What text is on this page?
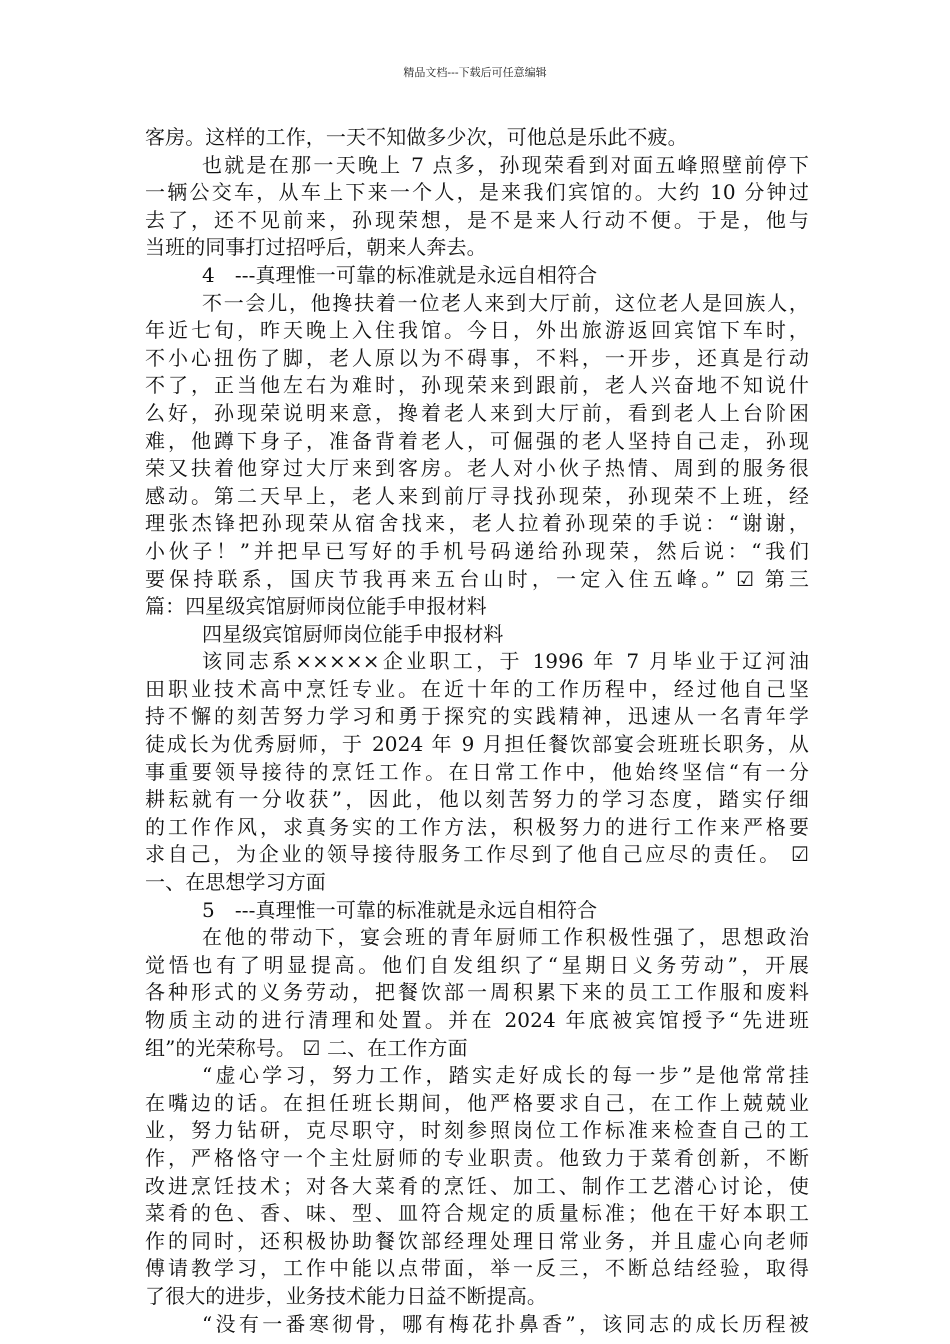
精品文档---下载后可任意编辑
客房。这样的工作，一天不知做多少次，可他总是乐此不疲。
也就是在那一天晚上 7 点多，孙现荣看到对面五峰照壁前停下
一辆公交车，从车上下来一个人，是来我们宾馆的。大约 10 分钟过
去了，还不见前来，孙现荣想，是不是来人行动不便。于是，他与
当班的同事打过招呼后，朝来人奔去。
4　---真理惟一可靠的标准就是永远自相符合
不一会儿，他搀扶着一位老人来到大厅前，这位老人是回族人，
年近七旬，昨天晚上入住我馆。今日，外出旅游返回宾馆下车时，
不小心扭伤了脚，老人原以为不碍事，不料，一开步，还真是行动
不了，正当他左右为难时，孙现荣来到跟前，老人兴奋地不知说什
么好，孙现荣说明来意，搀着老人来到大厅前，看到老人上台阶困
难，他蹲下身子，准备背着老人，可倔强的老人坚持自己走，孙现
荣又扶着他穿过大厅来到客房。老人对小伙子热情、周到的服务很
感动。第二天早上，老人来到前厅寻找孙现荣，孙现荣不上班，经
理张杰锋把孙现荣从宿舍找来，老人拉着孙现荣的手说：“谢谢，
小伙子！”并把早已写好的手机号码递给孙现荣，然后说：“我们
要保持联系，国庆节我再来五台山时，一定入住五峰。” ☑ 第三
篇：四星级宾馆厨师岗位能手申报材料
四星级宾馆厨师岗位能手申报材料
该同志系×××××企业职工，于 1996 年 7 月毕业于辽河油
田职业技术高中烹饪专业。在近十年的工作历程中，经过他自己坚
持不懈的刻苦努力学习和勇于探究的实践精神，迅速从一名青年学
徒成长为优秀厨师，于 2024 年 9 月担任餐饮部宴会班班长职务，从
事重要领导接待的烹饪工作。在日常工作中，他始终坚信“有一分
耕耘就有一分收获”，因此，他以刻苦努力的学习态度，踏实仔细
的工作作风，求真务实的工作方法，积极努力的进行工作来严格要
求自己，为企业的领导接待服务工作尽到了他自己应尽的责任。 ☑
一、在思想学习方面
5　---真理惟一可靠的标准就是永远自相符合
在他的带动下，宴会班的青年厨师工作积极性强了，思想政治
觉悟也有了明显提高。他们自发组织了“星期日义务劳动”，开展
各种形式的义务劳动，把餐饮部一周积累下来的员工工作服和废料
物质主动的进行清理和处置。并在 2024 年底被宾馆授予“先进班
组”的光荣称号。 ☑ 二、在工作方面
“虚心学习，努力工作，踏实走好成长的每一步”是他常常挂
在嘴边的话。在担任班长期间，他严格要求自己，在工作上兢兢业
业，努力钻研，克尽职守，时刻参照岗位工作标准来检查自己的工
作，严格恪守一个主灶厨师的专业职责。他致力于菜肴创新，不断
改进烹饪技术；对各大菜肴的烹饪、加工、制作工艺潜心讨论，使
菜肴的色、香、味、型、皿符合规定的质量标准；他在干好本职工
作的同时，还积极协助餐饮部经理处理日常业务，并且虚心向老师
傅请教学习，工作中能以点带面，举一反三，不断总结经验，取得
了很大的进步，业务技术能力日益不断提高。
“没有一番寒彻骨，哪有梅花扑鼻香”，该同志的成长历程被
